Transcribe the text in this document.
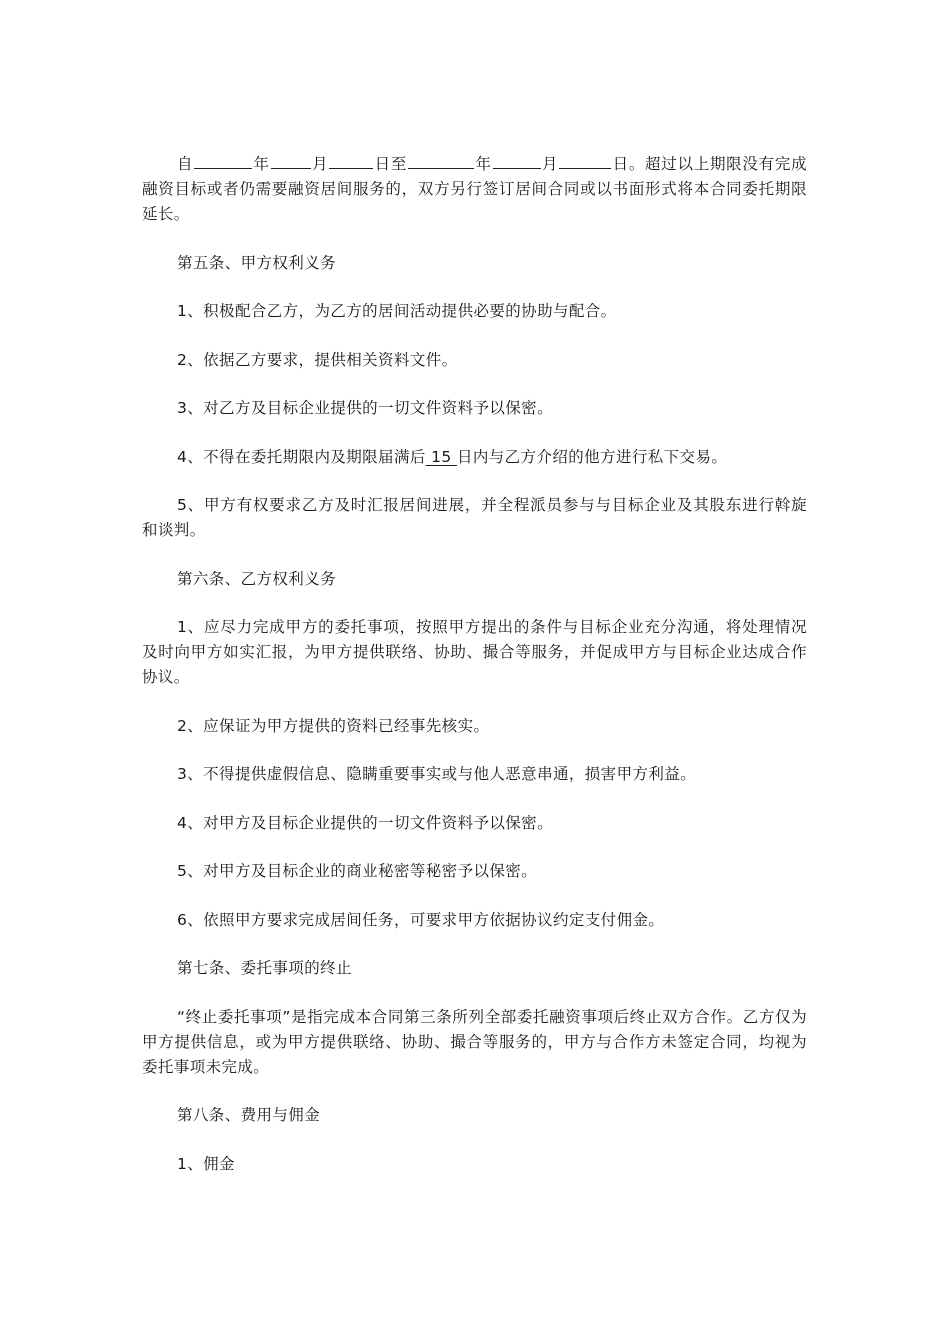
自	年	月	日至	年	月	日。超过以上期限没有完成融资目标或者仍需要融资居间服务的，双方另行签订居间合同或以书面形式将本合同委托期限延长。

第五条、甲方权利义务

1、积极配合乙方，为乙方的居间活动提供必要的协助与配合。

2、依据乙方要求，提供相关资料文件。

3、对乙方及目标企业提供的一切文件资料予以保密。

4、不得在委托期限内及期限届满后 15 日内与乙方介绍的他方进行私下交易。

5、甲方有权要求乙方及时汇报居间进展，并全程派员参与与目标企业及其股东进行斡旋和谈判。

第六条、乙方权利义务

1、应尽力完成甲方的委托事项，按照甲方提出的条件与目标企业充分沟通，将处理情况及时向甲方如实汇报，为甲方提供联络、协助、撮合等服务，并促成甲方与目标企业达成合作协议。

2、应保证为甲方提供的资料已经事先核实。

3、不得提供虚假信息、隐瞒重要事实或与他人恶意串通，损害甲方利益。

4、对甲方及目标企业提供的一切文件资料予以保密。

5、对甲方及目标企业的商业秘密等秘密予以保密。

6、依照甲方要求完成居间任务，可要求甲方依据协议约定支付佣金。

第七条、委托事项的终止

“终止委托事项”是指完成本合同第三条所列全部委托融资事项后终止双方合作。乙方仅为甲方提供信息，或为甲方提供联络、协助、撮合等服务的，甲方与合作方未签定合同，均视为委托事项未完成。

第八条、费用与佣金

1、佣金
